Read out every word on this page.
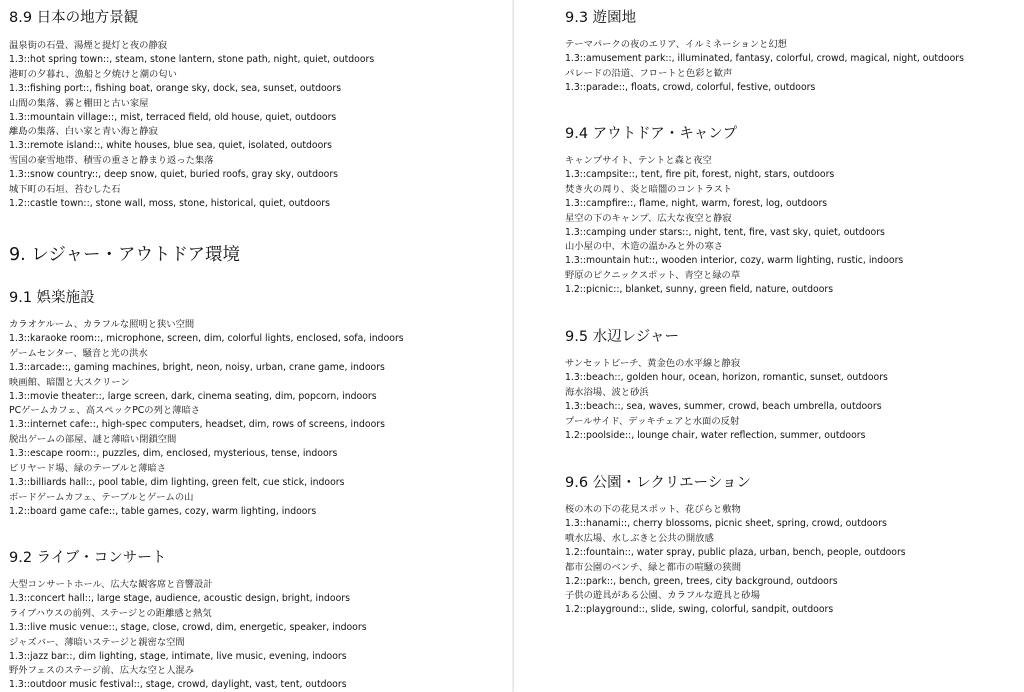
8.9 日本の地方景観
温泉街の石畳、湯煙と提灯と夜の静寂
1.3::hot spring town::, steam, stone lantern, stone path, night, quiet, outdoors
港町の夕暮れ、漁船と夕焼けと潮の匂い
1.3::fishing port::, fishing boat, orange sky, dock, sea, sunset, outdoors
山間の集落、霧と棚田と古い家屋
1.3::mountain village::, mist, terraced field, old house, quiet, outdoors
離島の集落、白い家と青い海と静寂
1.3::remote island::, white houses, blue sea, quiet, isolated, outdoors
雪国の豪雪地帯、積雪の重さと静まり返った集落
1.3::snow country::, deep snow, quiet, buried roofs, gray sky, outdoors
城下町の石垣、苔むした石
1.2::castle town::, stone wall, moss, stone, historical, quiet, outdoors
9. レジャー・アウトドア環境
9.1 娯楽施設
カラオケルーム、カラフルな照明と狭い空間
1.3::karaoke room::, microphone, screen, dim, colorful lights, enclosed, sofa, indoors
ゲームセンター、騒音と光の洪水
1.3::arcade::, gaming machines, bright, neon, noisy, urban, crane game, indoors
映画館、暗闇と大スクリーン
1.3::movie theater::, large screen, dark, cinema seating, dim, popcorn, indoors
PCゲームカフェ、高スペックPCの列と薄暗さ
1.3::internet cafe::, high-spec computers, headset, dim, rows of screens, indoors
脱出ゲームの部屋、謎と薄暗い閉鎖空間
1.3::escape room::, puzzles, dim, enclosed, mysterious, tense, indoors
ビリヤード場、緑のテーブルと薄暗さ
1.3::billiards hall::, pool table, dim lighting, green felt, cue stick, indoors
ボードゲームカフェ、テーブルとゲームの山
1.2::board game cafe::, table games, cozy, warm lighting, indoors
9.2 ライブ・コンサート
大型コンサートホール、広大な観客席と音響設計
1.3::concert hall::, large stage, audience, acoustic design, bright, indoors
ライブハウスの前列、ステージとの距離感と熱気
1.3::live music venue::, stage, close, crowd, dim, energetic, speaker, indoors
ジャズバー、薄暗いステージと親密な空間
1.3::jazz bar::, dim lighting, stage, intimate, live music, evening, indoors
野外フェスのステージ前、広大な空と人混み
1.3::outdoor music festival::, stage, crowd, daylight, vast, tent, outdoors
9.3 遊園地
テーマパークの夜のエリア、イルミネーションと幻想
1.3::amusement park::, illuminated, fantasy, colorful, crowd, magical, night, outdoors
パレードの沿道、フロートと色彩と歓声
1.3::parade::, floats, crowd, colorful, festive, outdoors
9.4 アウトドア・キャンプ
キャンプサイト、テントと森と夜空
1.3::campsite::, tent, fire pit, forest, night, stars, outdoors
焚き火の周り、炎と暗闇のコントラスト
1.3::campfire::, flame, night, warm, forest, log, outdoors
星空の下のキャンプ、広大な夜空と静寂
1.3::camping under stars::, night, tent, fire, vast sky, quiet, outdoors
山小屋の中、木造の温かみと外の寒さ
1.3::mountain hut::, wooden interior, cozy, warm lighting, rustic, indoors
野原のピクニックスポット、青空と緑の草
1.2::picnic::, blanket, sunny, green field, nature, outdoors
9.5 水辺レジャー
サンセットビーチ、黄金色の水平線と静寂
1.3::beach::, golden hour, ocean, horizon, romantic, sunset, outdoors
海水浴場、波と砂浜
1.3::beach::, sea, waves, summer, crowd, beach umbrella, outdoors
プールサイド、デッキチェアと水面の反射
1.2::poolside::, lounge chair, water reflection, summer, outdoors
9.6 公園・レクリエーション
桜の木の下の花見スポット、花びらと敷物
1.3::hanami::, cherry blossoms, picnic sheet, spring, crowd, outdoors
噴水広場、水しぶきと公共の開放感
1.2::fountain::, water spray, public plaza, urban, bench, people, outdoors
都市公園のベンチ、緑と都市の喧騒の狭間
1.2::park::, bench, green, trees, city background, outdoors
子供の遊具がある公園、カラフルな遊具と砂場
1.2::playground::, slide, swing, colorful, sandpit, outdoors
